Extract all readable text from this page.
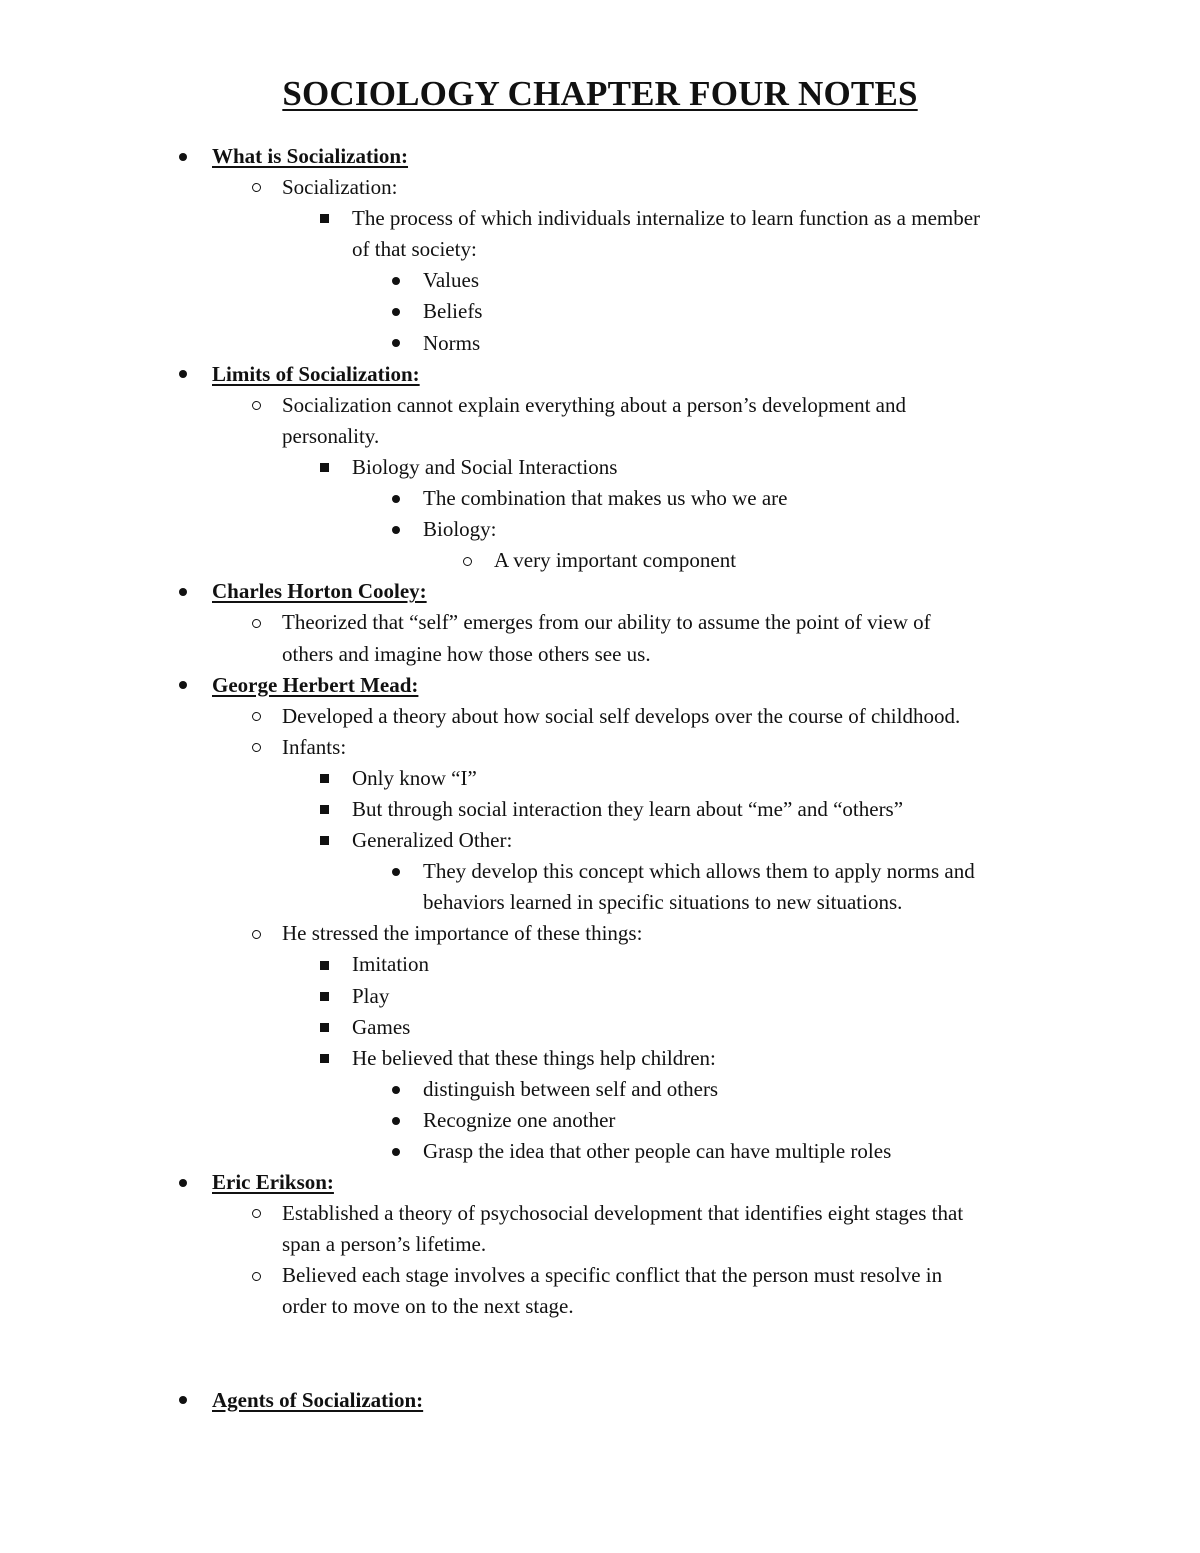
SOCIOLOGY CHAPTER FOUR NOTES
What is Socialization:
Socialization:
The process of which individuals internalize to learn function as a member
of that society:
Values
Beliefs
Norms
Limits of Socialization:
Socialization cannot explain everything about a person’s development and
personality.
Biology and Social Interactions
The combination that makes us who we are
Biology:
A very important component
Charles Horton Cooley:
Theorized that “self” emerges from our ability to assume the point of view of
others and imagine how those others see us.
George Herbert Mead:
Developed a theory about how social self develops over the course of childhood.
Infants:
Only know “I”
But through social interaction they learn about “me” and “others”
Generalized Other:
They develop this concept which allows them to apply norms and
behaviors learned in specific situations to new situations.
He stressed the importance of these things:
Imitation
Play
Games
He believed that these things help children:
distinguish between self and others
Recognize one another
Grasp the idea that other people can have multiple roles
Eric Erikson:
Established a theory of psychosocial development that identifies eight stages that
span a person’s lifetime.
Believed each stage involves a specific conflict that the person must resolve in
order to move on to the next stage.
Agents of Socialization:
